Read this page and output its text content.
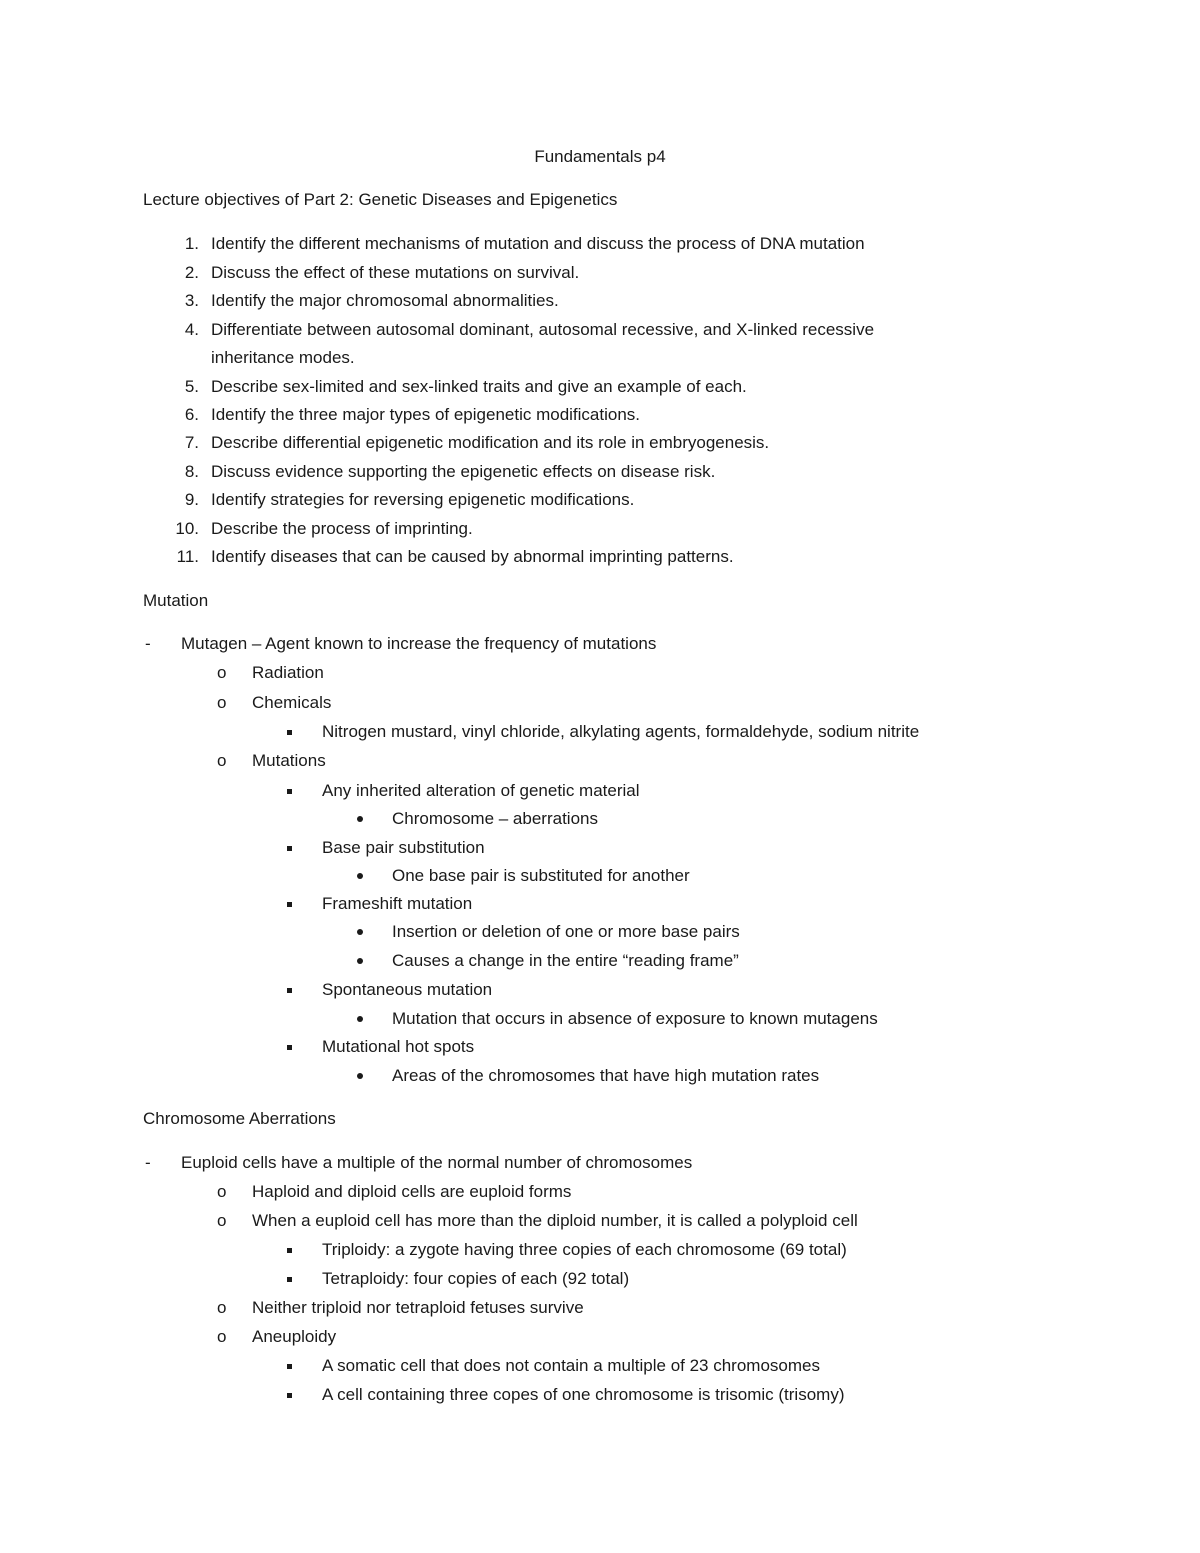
Fundamentals p4
Lecture objectives of Part 2: Genetic Diseases and Epigenetics
1. Identify the different mechanisms of mutation and discuss the process of DNA mutation
2. Discuss the effect of these mutations on survival.
3. Identify the major chromosomal abnormalities.
4. Differentiate between autosomal dominant, autosomal recessive, and X-linked recessive
inheritance modes.
5. Describe sex-limited and sex-linked traits and give an example of each.
6. Identify the three major types of epigenetic modifications.
7. Describe differential epigenetic modification and its role in embryogenesis.
8. Discuss evidence supporting the epigenetic effects on disease risk.
9. Identify strategies for reversing epigenetic modifications.
10. Describe the process of imprinting.
11. Identify diseases that can be caused by abnormal imprinting patterns.
Mutation
- Mutagen – Agent known to increase the frequency of mutations
o Radiation
o Chemicals
Nitrogen mustard, vinyl chloride, alkylating agents, formaldehyde, sodium nitrite
o Mutations
Any inherited alteration of genetic material
Chromosome – aberrations
Base pair substitution
One base pair is substituted for another
Frameshift mutation
Insertion or deletion of one or more base pairs
Causes a change in the entire “reading frame”
Spontaneous mutation
Mutation that occurs in absence of exposure to known mutagens
Mutational hot spots
Areas of the chromosomes that have high mutation rates
Chromosome Aberrations
- Euploid cells have a multiple of the normal number of chromosomes
o Haploid and diploid cells are euploid forms
o When a euploid cell has more than the diploid number, it is called a polyploid cell
Triploidy: a zygote having three copies of each chromosome (69 total)
Tetraploidy: four copies of each (92 total)
o Neither triploid nor tetraploid fetuses survive
o Aneuploidy
A somatic cell that does not contain a multiple of 23 chromosomes
A cell containing three copes of one chromosome is trisomic (trisomy)
